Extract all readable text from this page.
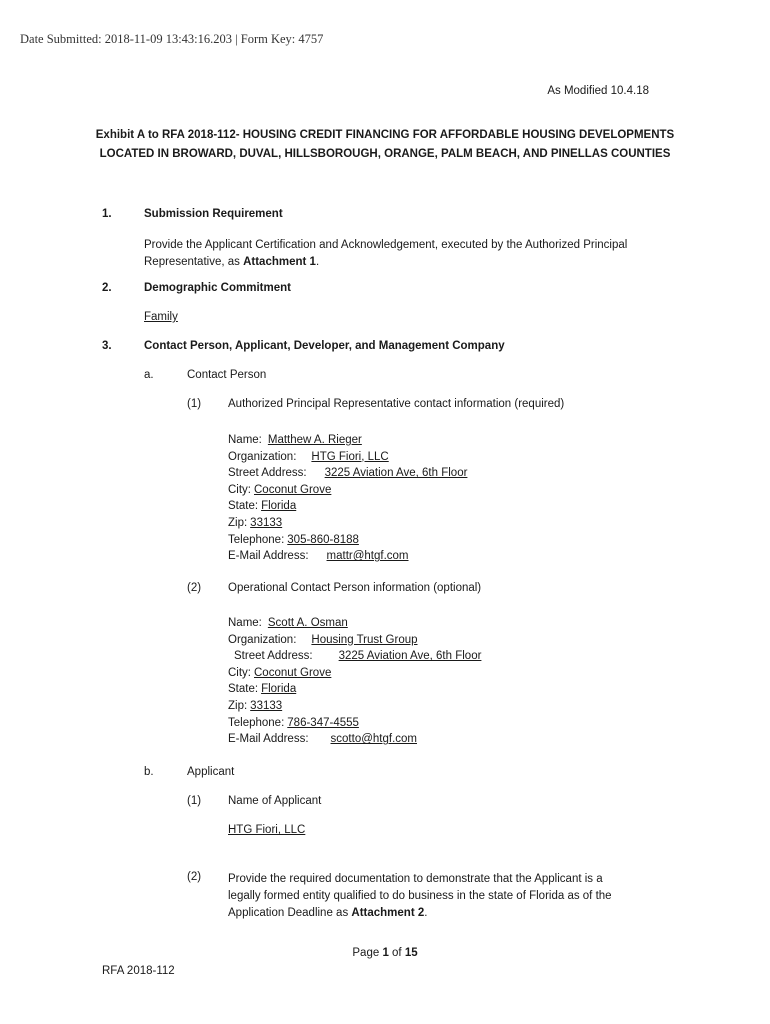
Date Submitted: 2018-11-09 13:43:16.203 | Form Key: 4757
As Modified 10.4.18
Exhibit A to RFA 2018-112- HOUSING CREDIT FINANCING FOR AFFORDABLE HOUSING DEVELOPMENTS
LOCATED IN BROWARD, DUVAL, HILLSBOROUGH, ORANGE, PALM BEACH, AND PINELLAS COUNTIES
1.	Submission Requirement
Provide the Applicant Certification and Acknowledgement, executed by the Authorized Principal Representative, as Attachment 1.
2.	Demographic Commitment
Family
3.	Contact Person, Applicant, Developer, and Management Company
a.	Contact Person
(1) Authorized Principal Representative contact information (required)
Name: Matthew A. Rieger
Organization: HTG Fiori, LLC
Street Address: 3225 Aviation Ave, 6th Floor
City: Coconut Grove
State: Florida
Zip: 33133
Telephone: 305-860-8188
E-Mail Address: mattr@htgf.com
(2) Operational Contact Person information (optional)
Name: Scott A. Osman
Organization: Housing Trust Group
Street Address: 3225 Aviation Ave, 6th Floor
City: Coconut Grove
State: Florida
Zip: 33133
Telephone: 786-347-4555
E-Mail Address: scotto@htgf.com
b.	Applicant
(1) Name of Applicant
HTG Fiori, LLC
(2) Provide the required documentation to demonstrate that the Applicant is a legally formed entity qualified to do business in the state of Florida as of the Application Deadline as Attachment 2.
Page 1 of 15
RFA 2018-112
